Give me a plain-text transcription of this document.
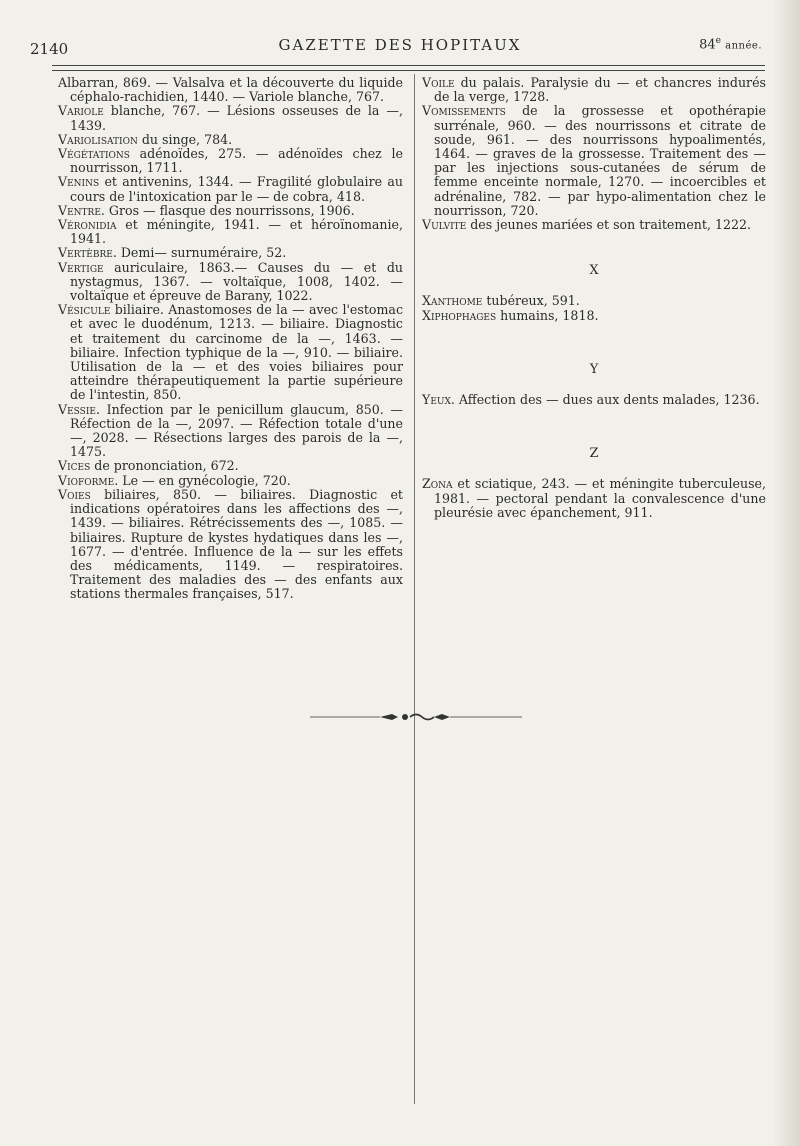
2140	GAZETTE DES HOPITAUX	84e année.

Albarran, 869. — Valsalva et la découverte du liquide céphalo-rachidien, 1440. — Variole blanche, 767.

Variole blanche, 767. — Lésions osseuses de la —, 1439.

Variolisation du singe, 784.

Végétations adénoïdes, 275. — adénoïdes chez le nourrisson, 1711.

Venins et antivenins, 1344. — Fragilité globulaire au cours de l'intoxication par le — de cobra, 418.

Ventre. Gros — flasque des nourrissons, 1906.

Véronidia et méningite, 1941. — et héroïnomanie, 1941.

Vertèbre. Demi— surnuméraire, 52.

Vertige auriculaire, 1863.— Causes du — et du nystagmus, 1367. — voltaïque, 1008, 1402. — voltaïque et épreuve de Barany, 1022.

Vésicule biliaire. Anastomoses de la — avec l'estomac et avec le duodénum, 1213. — biliaire. Diagnostic et traitement du carcinome de la —, 1463. — biliaire. Infection typhique de la —, 910. — biliaire. Utilisation de la — et des voies biliaires pour atteindre thérapeutiquement la partie supérieure de l'intestin, 850.

Vessie. Infection par le penicillum glaucum, 850. — Réfection de la —, 2097. — Réfection totale d'une —, 2028. — Résections larges des parois de la —, 1475.

Vices de prononciation, 672.

Vioforme. Le — en gynécologie, 720.

Voies biliaires, 850. — biliaires. Diagnostic et indications opératoires dans les affections des —, 1439. — biliaires. Rétrécissements des —, 1085. — biliaires. Rupture de kystes hydatiques dans les —, 1677. — d'entrée. Influence de la — sur les effets des médicaments, 1149. — respiratoires. Traitement des maladies des — des enfants aux stations thermales françaises, 517.

Voile du palais. Paralysie du — et chancres indurés de la verge, 1728.

Vomissements de la grossesse et opothérapie surrénale, 960. — des nourrissons et citrate de soude, 961. — des nourrissons hypoalimentés, 1464. — graves de la grossesse. Traitement des — par les injections sous-cutanées de sérum de femme enceinte normale, 1270. — incoercibles et adrénaline, 782. — par hypo-alimentation chez le nourrisson, 720.

Vulvite des jeunes mariées et son traitement, 1222.

X

Xanthome tubéreux, 591.

Xiphophages humains, 1818.

Y

Yeux. Affection des — dues aux dents malades, 1236.

Z

Zona et sciatique, 243. — et méningite tuberculeuse, 1981. — pectoral pendant la convalescence d'une pleurésie avec épanchement, 911.
